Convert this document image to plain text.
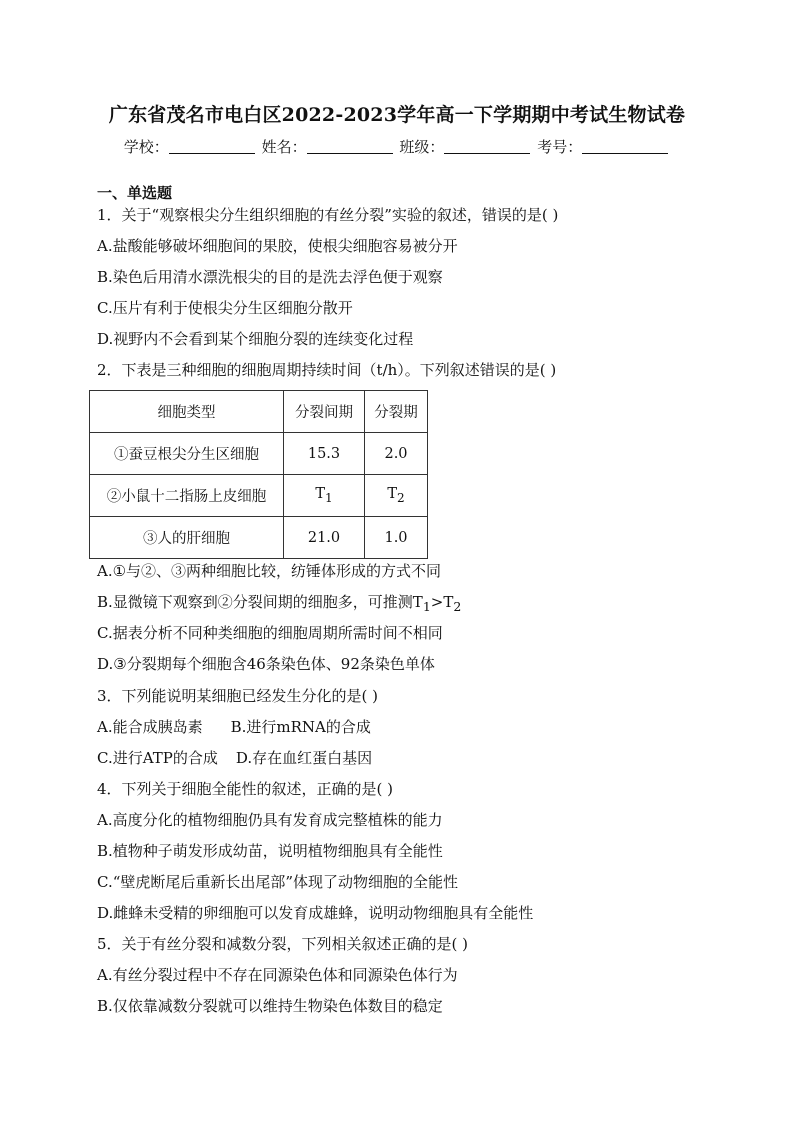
广东省茂名市电白区2022-2023学年高一下学期期中考试生物试卷
学校：	姓名：	班级：	考号：
一、单选题
1．关于“观察根尖分生组织细胞的有丝分裂”实验的叙述，错误的是( )
A.盐酸能够破坏细胞间的果胶，使根尖细胞容易被分开
B.染色后用清水漂洗根尖的目的是洗去浮色便于观察
C.压片有利于使根尖分生区细胞分散开
D.视野内不会看到某个细胞分裂的连续变化过程
2．下表是三种细胞的细胞周期持续时间（t/h）。下列叙述错误的是( )
细胞类型	分裂间期	分裂期
①蚕豆根尖分生区细胞	15.3	2.0
②小鼠十二指肠上皮细胞	$T_1$	$T_2$
③人的肝细胞	21.0	1.0
A.①与②、③两种细胞比较，纺锤体形成的方式不同
B.显微镜下观察到②分裂间期的细胞多，可推测$T_1>T_2$
C.据表分析不同种类细胞的细胞周期所需时间不相同
D.③分裂期每个细胞含46条染色体、92条染色单体
3．下列能说明某细胞已经发生分化的是( )
A.能合成胰岛素 B.进行mRNA的合成
C.进行ATP的合成 D.存在血红蛋白基因
4．下列关于细胞全能性的叙述，正确的是( )
A.高度分化的植物细胞仍具有发育成完整植株的能力
B.植物种子萌发形成幼苗，说明植物细胞具有全能性
C.“壁虎断尾后重新长出尾部”体现了动物细胞的全能性
D.雌蜂未受精的卵细胞可以发育成雄蜂，说明动物细胞具有全能性
5．关于有丝分裂和减数分裂，下列相关叙述正确的是( )
A.有丝分裂过程中不存在同源染色体和同源染色体行为
B.仅依靠减数分裂就可以维持生物染色体数目的稳定
